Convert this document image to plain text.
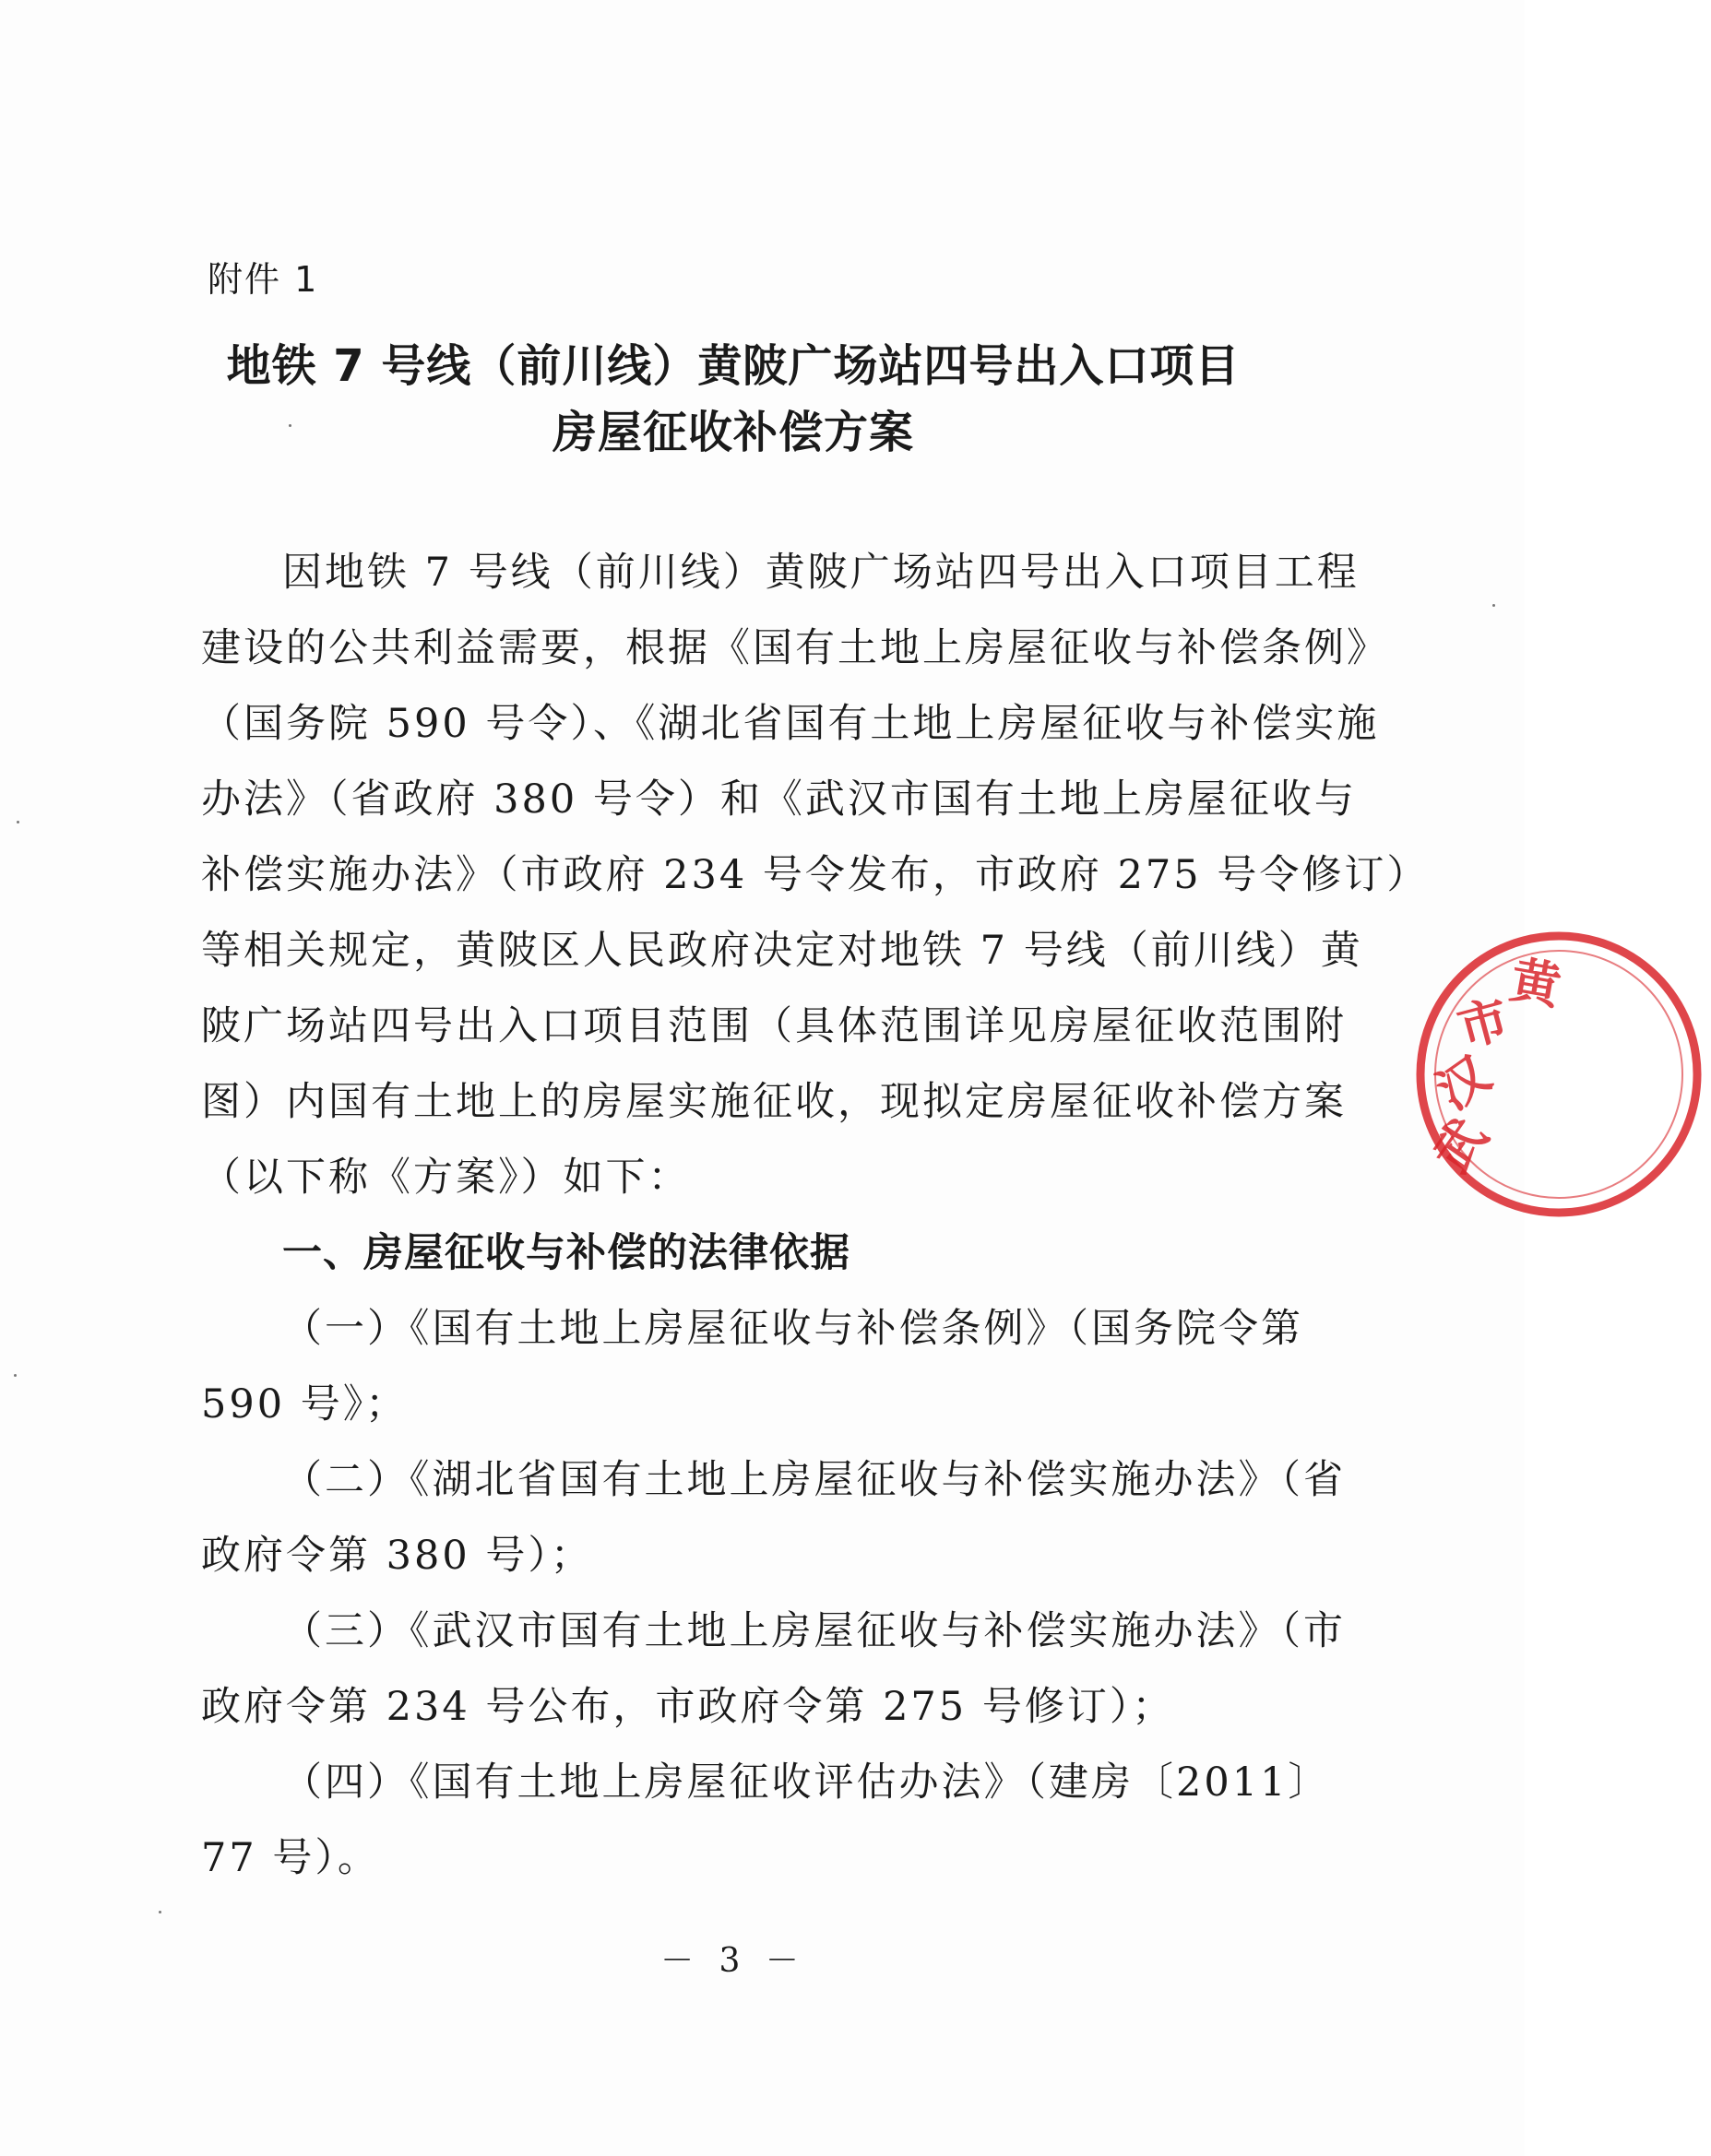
附件 1
地铁 7 号线（前川线）黄陂广场站四号出入口项目
房屋征收补偿方案
因地铁 7 号线（前川线）黄陂广场站四号出入口项目工程
建设的公共利益需要，根据《国有土地上房屋征收与补偿条例》
（国务院 590 号令）、《湖北省国有土地上房屋征收与补偿实施
办法》（省政府 380 号令）和《武汉市国有土地上房屋征收与
补偿实施办法》（市政府 234 号令发布，市政府 275 号令修订）
等相关规定，黄陂区人民政府决定对地铁 7 号线（前川线）黄
陂广场站四号出入口项目范围（具体范围详见房屋征收范围附
图）内国有土地上的房屋实施征收，现拟定房屋征收补偿方案
（以下称《方案》）如下：
一、房屋征收与补偿的法律依据
（一）《国有土地上房屋征收与补偿条例》（国务院令第
590 号》；
（二）《湖北省国有土地上房屋征收与补偿实施办法》（省
政府令第 380 号）；
（三）《武汉市国有土地上房屋征收与补偿实施办法》（市
政府令第 234 号公布，市政府令第 275 号修订）；
（四）《国有土地上房屋征收评估办法》（建房〔2011〕
77 号）。
－ 3 －
武
汉
市
黄
